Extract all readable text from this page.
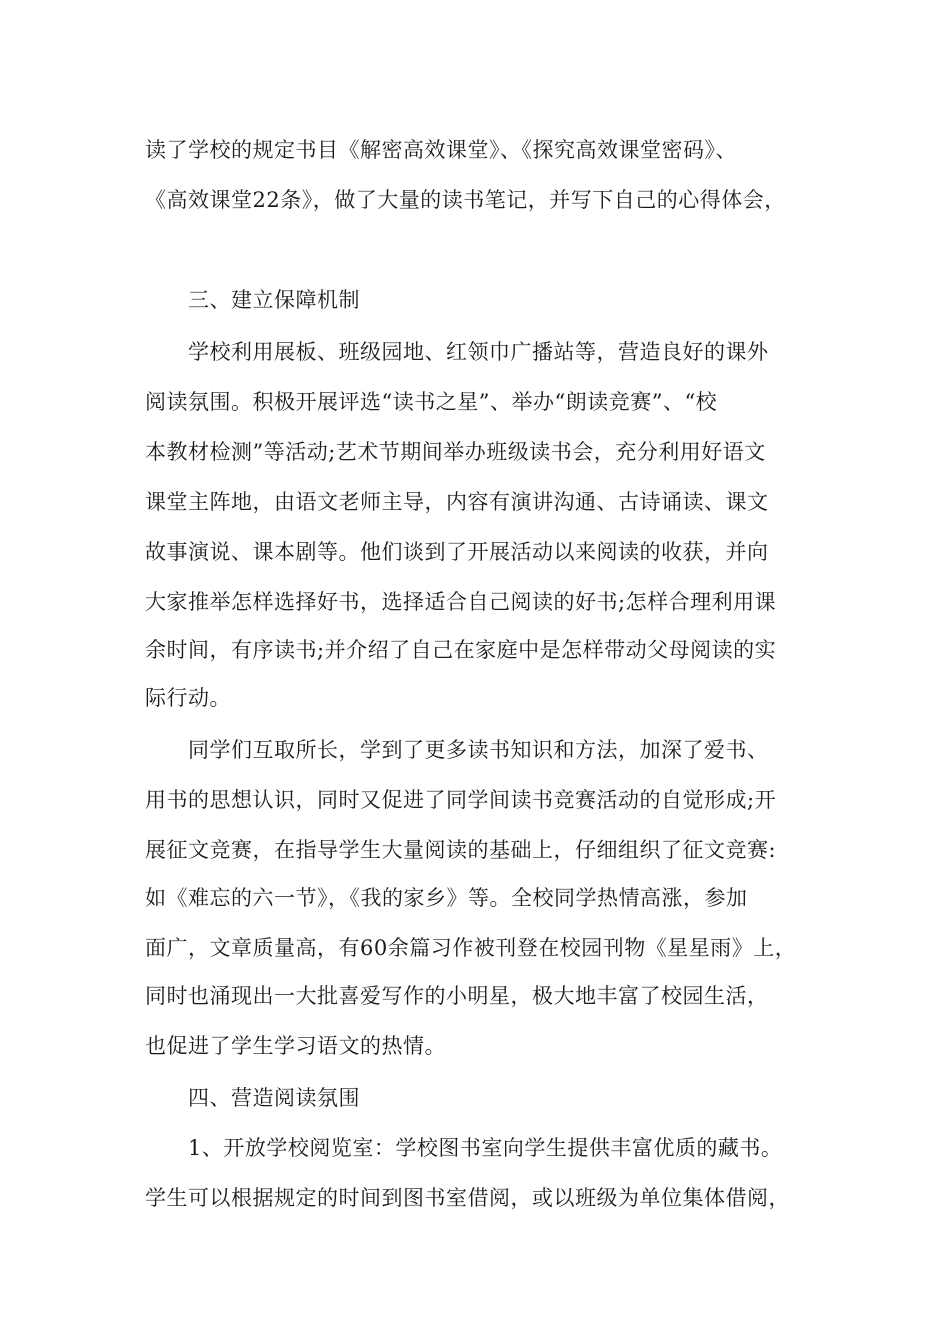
读了学校的规定书目《解密高效课堂》、《探究高效课堂密码》、
《高效课堂22条》，做了大量的读书笔记，并写下自己的心得体会，
三、建立保障机制
学校利用展板、班级园地、红领巾广播站等，营造良好的课外
阅读氛围。积极开展评选“读书之星”、举办“朗读竞赛”、“校
本教材检测”等活动;艺术节期间举办班级读书会，充分利用好语文
课堂主阵地，由语文老师主导，内容有演讲沟通、古诗诵读、课文
故事演说、课本剧等。他们谈到了开展活动以来阅读的收获，并向
大家推举怎样选择好书，选择适合自己阅读的好书;怎样合理利用课
余时间，有序读书;并介绍了自己在家庭中是怎样带动父母阅读的实
际行动。
同学们互取所长，学到了更多读书知识和方法，加深了爱书、
用书的思想认识，同时又促进了同学间读书竞赛活动的自觉形成;开
展征文竞赛，在指导学生大量阅读的基础上，仔细组织了征文竞赛:
如《难忘的六一节》，《我的家乡》等。全校同学热情高涨，参加
面广，文章质量高，有60余篇习作被刊登在校园刊物《星星雨》上，
同时也涌现出一大批喜爱写作的小明星，极大地丰富了校园生活，
也促进了学生学习语文的热情。
四、营造阅读氛围
1、开放学校阅览室：学校图书室向学生提供丰富优质的藏书。
学生可以根据规定的时间到图书室借阅，或以班级为单位集体借阅，
